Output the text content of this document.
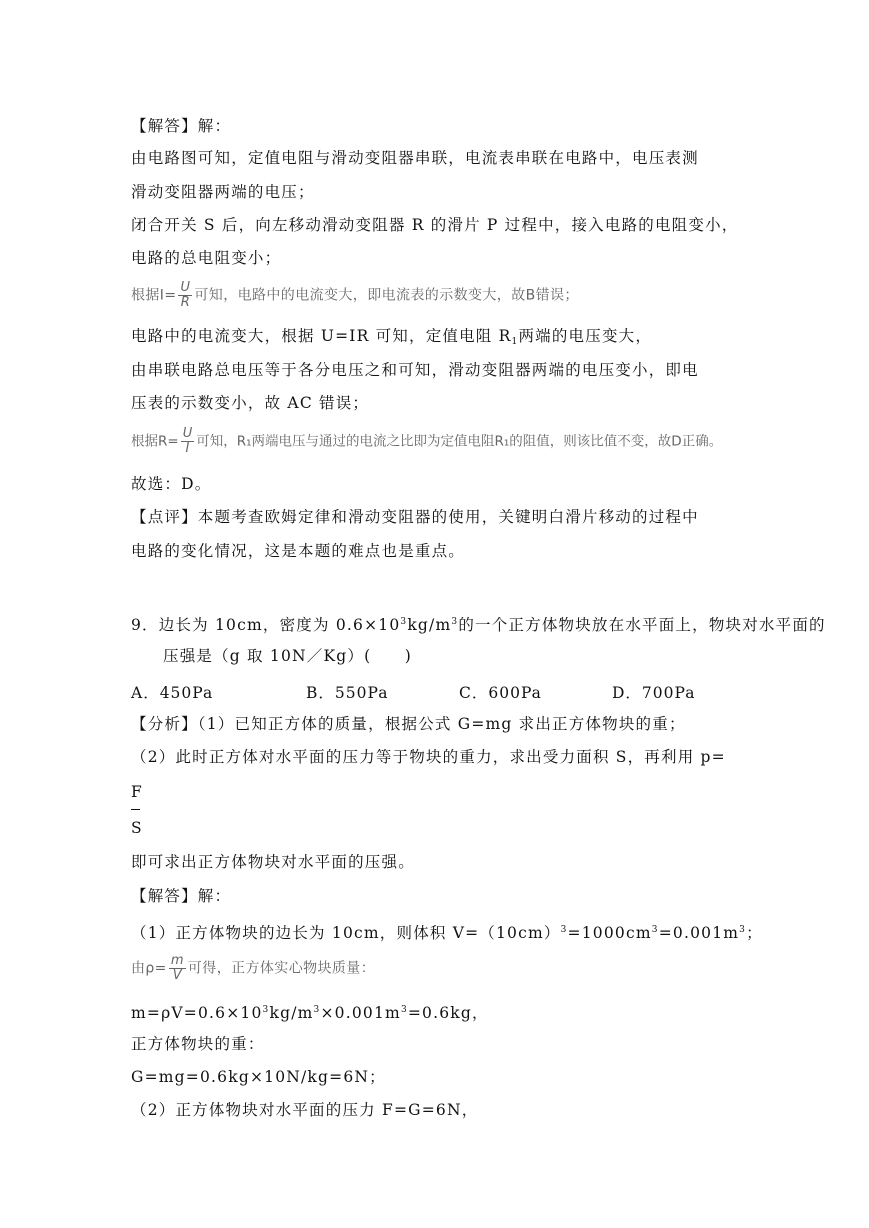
【解答】解：
由电路图可知，定值电阻与滑动变阻器串联，电流表串联在电路中，电压表测
滑动变阻器两端的电压；
闭合开关 S 后，向左移动滑动变阻器 R 的滑片 P 过程中，接入电路的电阻变小，
电路的总电阻变小；
根据$I= \frac{U}{R}$ 可知，电路中的电流变大，即电流表的示数变大，故B错误；
电路中的电流变大，根据 U=IR 可知，定值电阻 $R_1$两端的电压变大，
由串联电路总电压等于各分电压之和可知，滑动变阻器两端的电压变小，即电
压表的示数变小，故 AC 错误；
根据$R= \frac{U}{I}$ 可知，R₁两端电压与通过的电流之比即为定值电阻R₁的阻值，则该比值不变，故D正确。
故选：D。
【点评】本题考查欧姆定律和滑动变阻器的使用，关键明白滑片移动的过程中
电路的变化情况，这是本题的难点也是重点。
9．边长为 10cm，密度为 $0.6\times 10^3kg/m^3$的一个正方体物块放在水平面上，物块对水平面的
压强是（g 取 10N／Kg）(　　)
A．450Pa	B．550Pa	C．600Pa	D．700Pa
【分析】（1）已知正方体的质量，根据公式 G=mg 求出正方体物块的重；
（2）此时正方体对水平面的压力等于物块的重力，求出受力面积 S，再利用 p=
F
S
即可求出正方体物块对水平面的压强。
【解答】解：
（1）正方体物块的边长为 10cm，则体积 $V=(10cm)^3=1000cm^3=0.001m^3$；
由$\rho= \frac{m}{V}$ 可得，正方体实心物块质量：
$m=\rho V=0.6\times 10^3kg/m^3\times 0.001m^3=0.6kg$，
正方体物块的重：
G=mg=0.6kg×10N/kg=6N；
（2）正方体物块对水平面的压力 F=G=6N，
